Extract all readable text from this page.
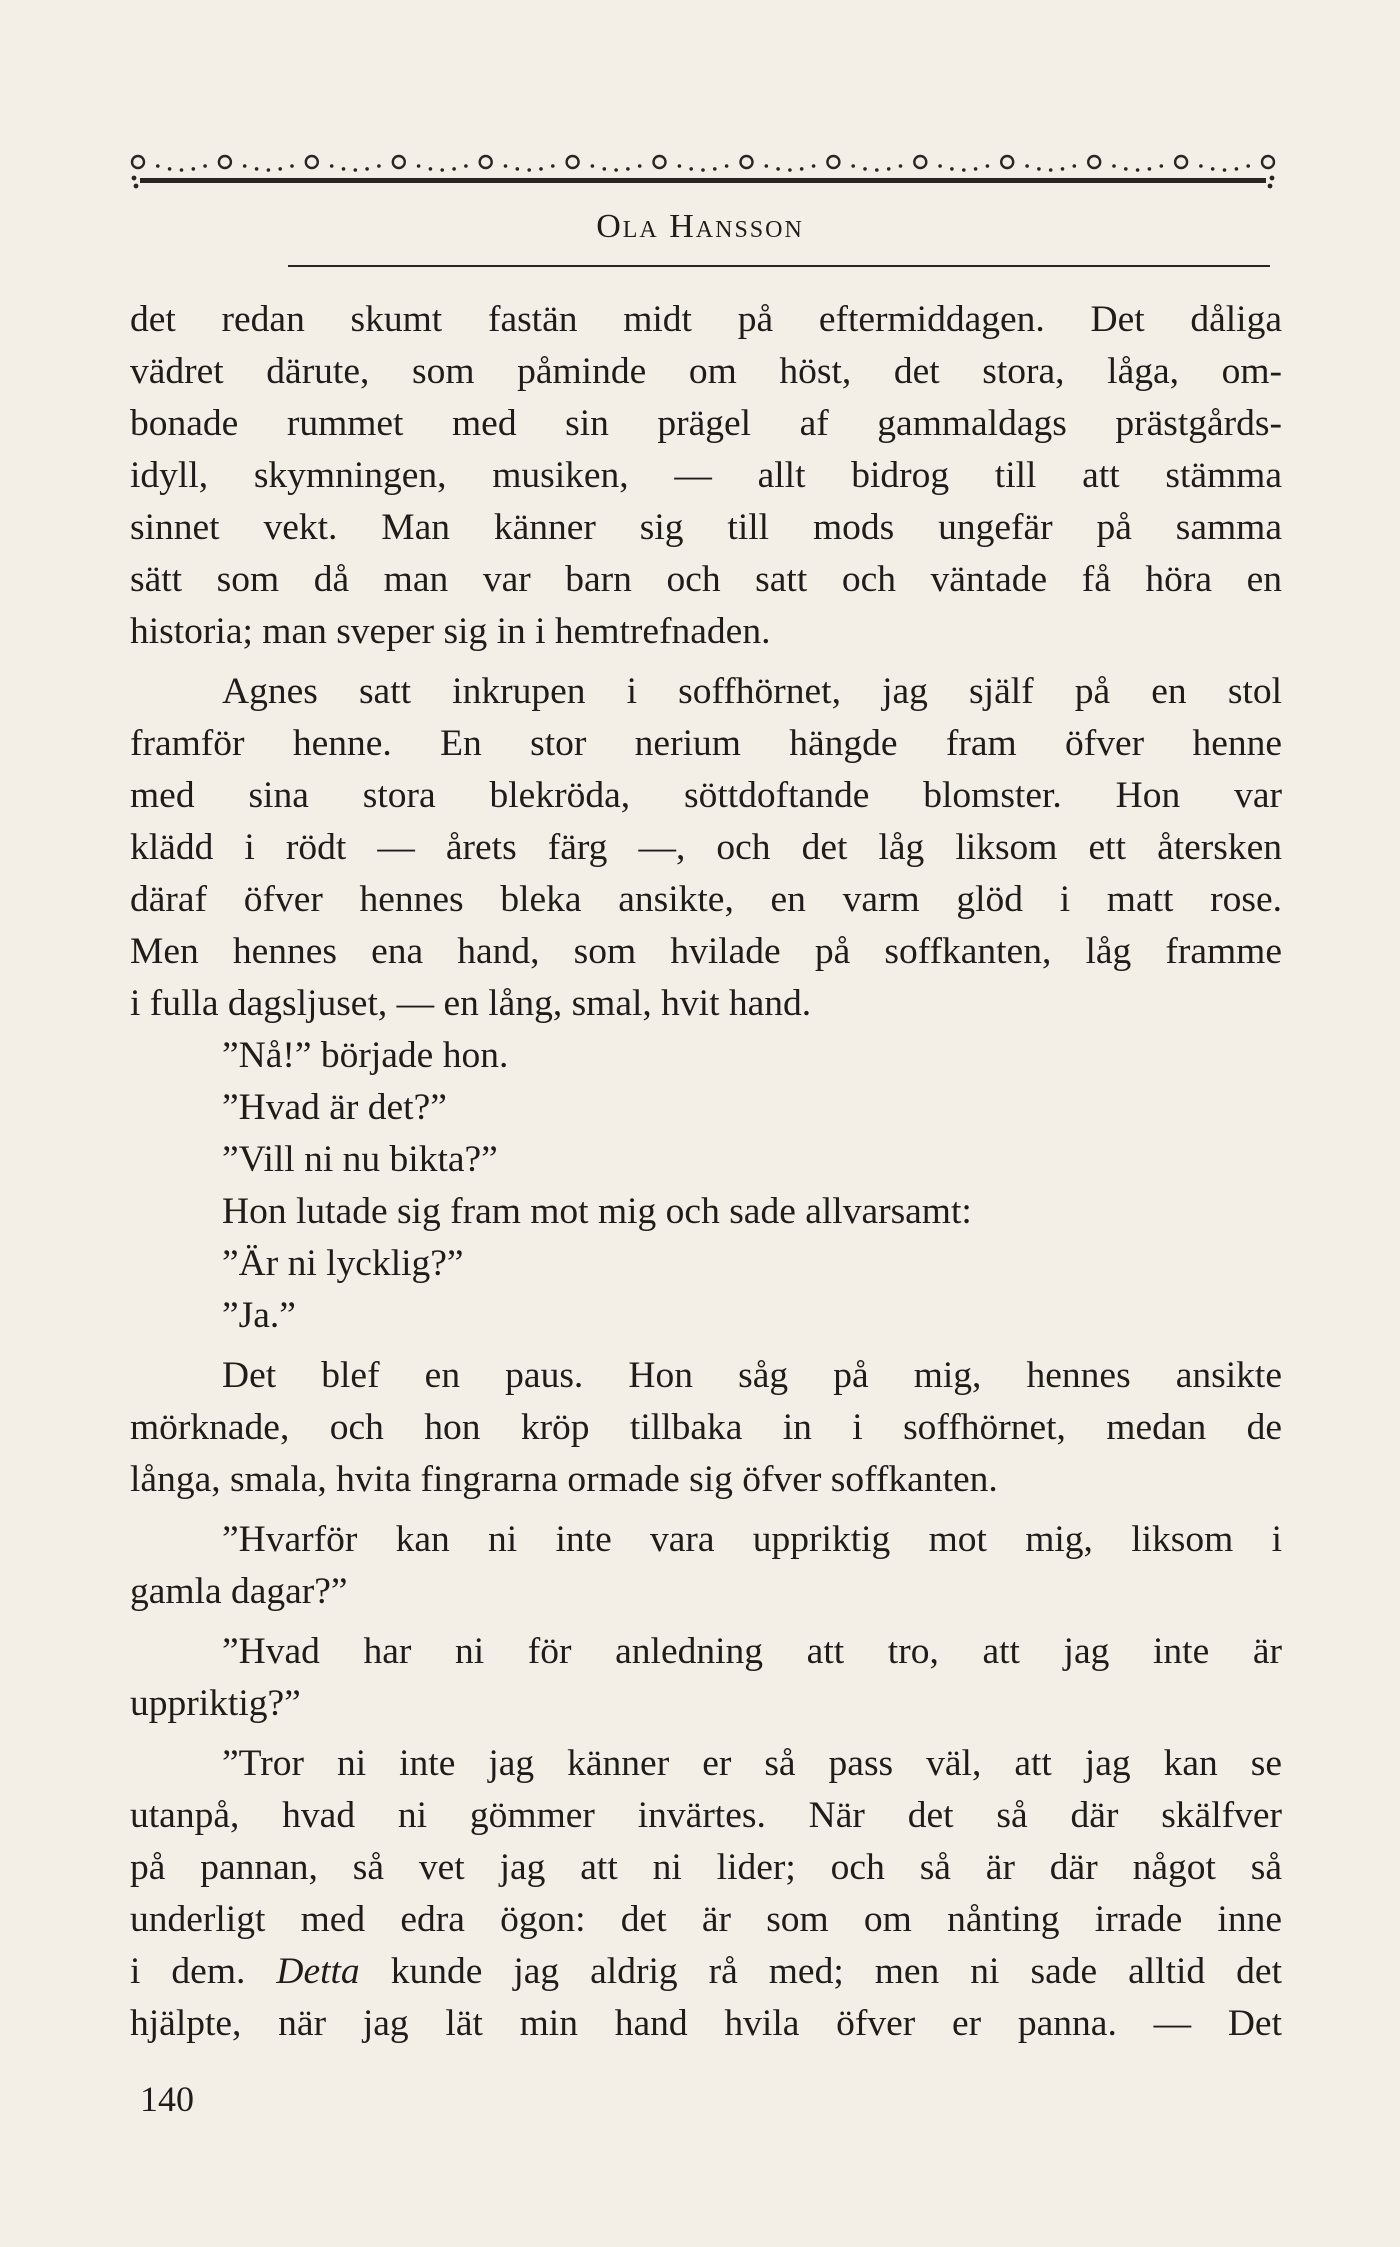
Ola Hansson

det redan skumt fastän midt på eftermiddagen. Det dåliga

vädret därute, som påminde om höst, det stora, låga, om-

bonade rummet med sin prägel af gammaldags prästgårds-

idyll, skymningen, musiken, — allt bidrog till att stämma

sinnet vekt. Man känner sig till mods ungefär på samma

sätt som då man var barn och satt och väntade få höra en

historia; man sveper sig in i hemtrefnaden.

Agnes satt inkrupen i soffhörnet, jag själf på en stol

framför henne. En stor nerium hängde fram öfver henne

med sina stora blekröda, söttdoftande blomster. Hon var

klädd i rödt — årets färg —, och det låg liksom ett återsken

däraf öfver hennes bleka ansikte, en varm glöd i matt rose.

Men hennes ena hand, som hvilade på soffkanten, låg framme

i fulla dagsljuset, — en lång, smal, hvit hand.

”Nå!” började hon.

”Hvad är det?”

”Vill ni nu bikta?”

Hon lutade sig fram mot mig och sade allvarsamt:

”Är ni lycklig?”

”Ja.”

Det blef en paus. Hon såg på mig, hennes ansikte

mörknade, och hon kröp tillbaka in i soffhörnet, medan de

långa, smala, hvita fingrarna ormade sig öfver soffkanten.

”Hvarför kan ni inte vara uppriktig mot mig, liksom i

gamla dagar?”

”Hvad har ni för anledning att tro, att jag inte är

uppriktig?”

”Tror ni inte jag känner er så pass väl, att jag kan se

utanpå, hvad ni gömmer invärtes. När det så där skälfver

på pannan, så vet jag att ni lider; och så är där något så

underligt med edra ögon: det är som om nånting irrade inne

i dem. Detta kunde jag aldrig rå med; men ni sade alltid det

hjälpte, när jag lät min hand hvila öfver er panna. — Det

140
